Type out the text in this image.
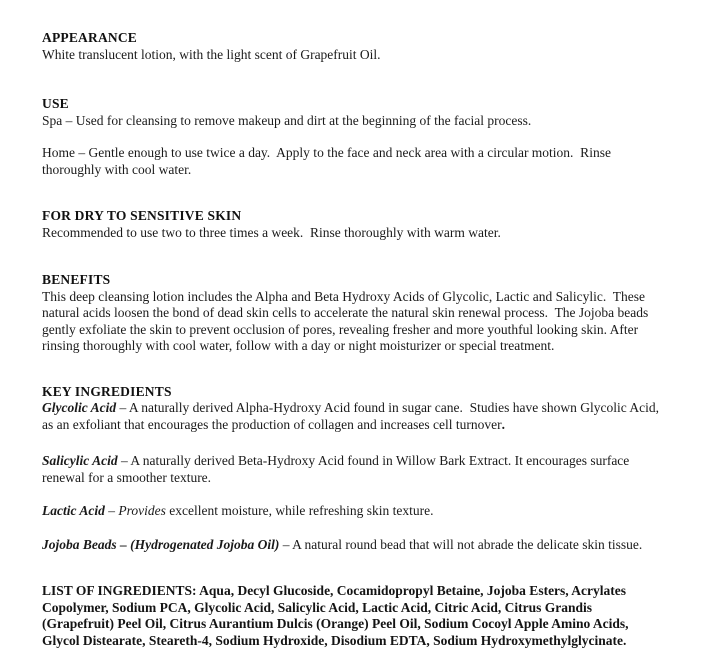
APPEARANCE
White translucent lotion, with the light scent of Grapefruit Oil.
USE
Spa – Used for cleansing to remove makeup and dirt at the beginning of the facial process.
Home – Gentle enough to use twice a day.  Apply to the face and neck area with a circular motion.  Rinse
thoroughly with cool water.
FOR DRY TO SENSITIVE SKIN
Recommended to use two to three times a week.  Rinse thoroughly with warm water.
BENEFITS
This deep cleansing lotion includes the Alpha and Beta Hydroxy Acids of Glycolic, Lactic and Salicylic.  These
natural acids loosen the bond of dead skin cells to accelerate the natural skin renewal process.  The Jojoba beads
gently exfoliate the skin to prevent occlusion of pores, revealing fresher and more youthful looking skin. After
rinsing thoroughly with cool water, follow with a day or night moisturizer or special treatment.
KEY INGREDIENTS
Glycolic Acid – A naturally derived Alpha-Hydroxy Acid found in sugar cane.  Studies have shown Glycolic Acid,
as an exfoliant that encourages the production of collagen and increases cell turnover.
Salicylic Acid – A naturally derived Beta-Hydroxy Acid found in Willow Bark Extract. It encourages surface
renewal for a smoother texture.
Lactic Acid – Provides excellent moisture, while refreshing skin texture.
Jojoba Beads – (Hydrogenated Jojoba Oil) – A natural round bead that will not abrade the delicate skin tissue.
LIST OF INGREDIENTS: Aqua, Decyl Glucoside, Cocamidopropyl Betaine, Jojoba Esters, Acrylates
Copolymer, Sodium PCA, Glycolic Acid, Salicylic Acid, Lactic Acid, Citric Acid, Citrus Grandis
(Grapefruit) Peel Oil, Citrus Aurantium Dulcis (Orange) Peel Oil, Sodium Cocoyl Apple Amino Acids,
Glycol Distearate, Steareth-4, Sodium Hydroxide, Disodium EDTA, Sodium Hydroxymethylglycinate.
